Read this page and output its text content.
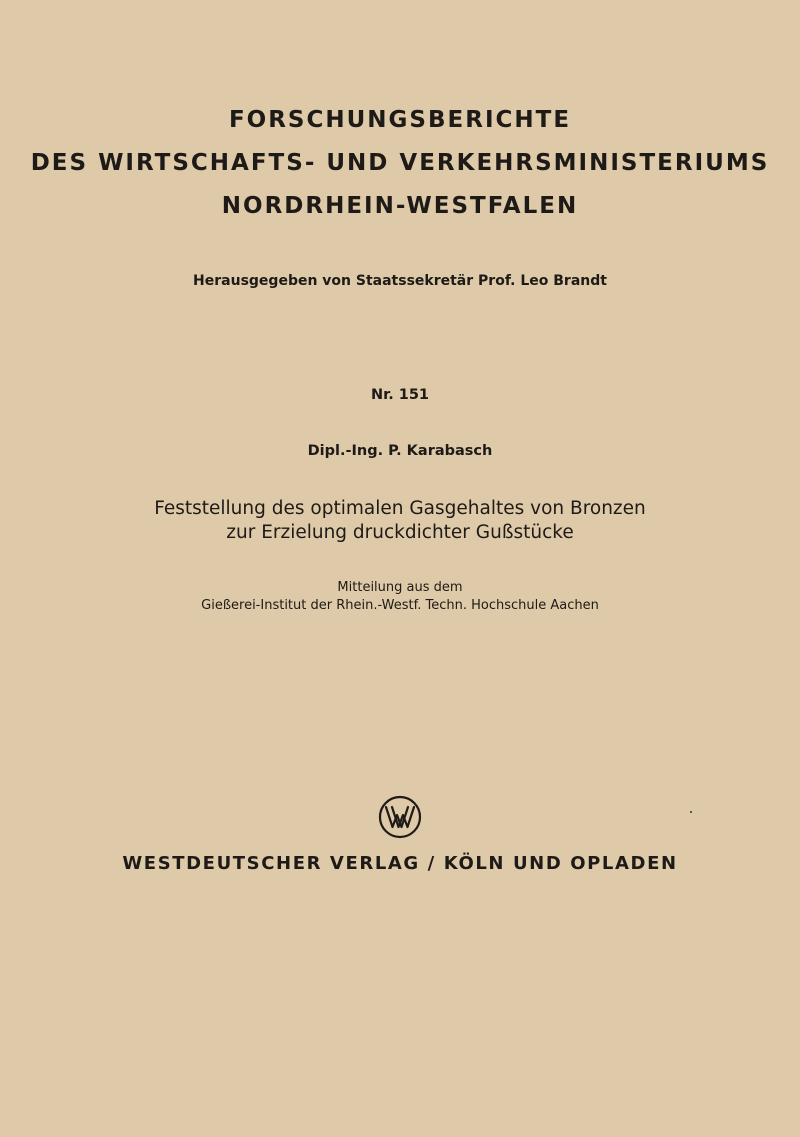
FORSCHUNGSBERICHTE
DES WIRTSCHAFTS- UND VERKEHRSMINISTERIUMS
NORDRHEIN-WESTFALEN
Herausgegeben von Staatssekretär Prof. Leo Brandt
Nr. 151
Dipl.-Ing. P. Karabasch
Feststellung des optimalen Gasgehaltes von Bronzen
zur Erzielung druckdichter Gußstücke
Mitteilung aus dem
Gießerei-Institut der Rhein.-Westf. Techn. Hochschule Aachen
WESTDEUTSCHER VERLAG / KÖLN UND OPLADEN
